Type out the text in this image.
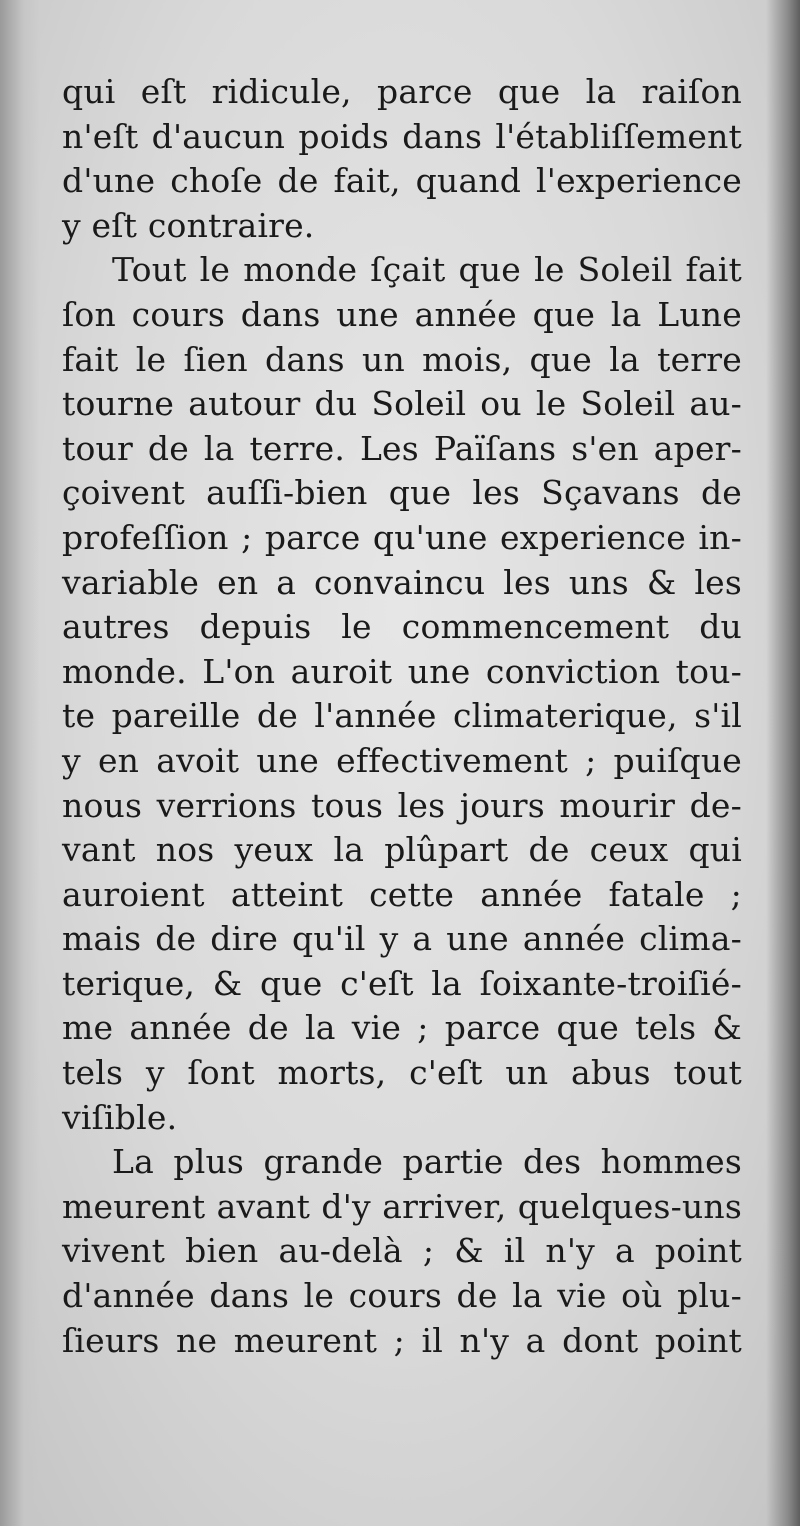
qui eſt ridicule, parce que la raiſon
n'eſt d'aucun poids dans l'établiſſement
d'une choſe de fait, quand l'experience
y eſt contraire.
Tout le monde ſçait que le Soleil fait
ſon cours dans une année que la Lune
fait le ſien dans un mois, que la terre
tourne autour du Soleil ou le Soleil au-
tour de la terre. Les Païſans s'en aper-
çoivent auſſi-bien que les Sçavans de
profeſſion ; parce qu'une experience in-
variable en a convaincu les uns & les
autres depuis le commencement du
monde. L'on auroit une conviction tou-
te pareille de l'année climaterique, s'il
y en avoit une effectivement ; puiſque
nous verrions tous les jours mourir de-
vant nos yeux la plûpart de ceux qui
auroient atteint cette année fatale ;
mais de dire qu'il y a une année clima-
terique, & que c'eſt la ſoixante-troiſié-
me année de la vie ; parce que tels &
tels y ſont morts, c'eſt un abus tout
viſible.
La plus grande partie des hommes
meurent avant d'y arriver, quelques-uns
vivent bien au-delà ; & il n'y a point
d'année dans le cours de la vie où plu-
ſieurs ne meurent ; il n'y a dont point
